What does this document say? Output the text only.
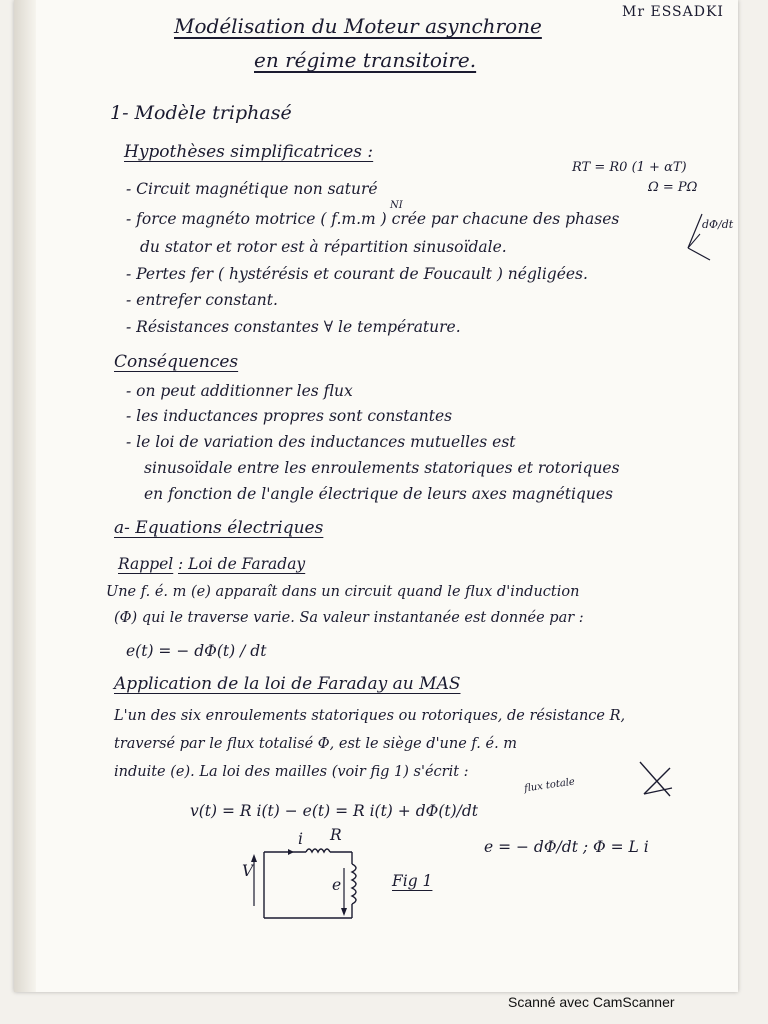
Mr ESSADKI
Modélisation du Moteur asynchrone
en régime transitoire.
1- Modèle triphasé
Hypothèses simplificatrices :
- Circuit magnétique non saturé
- force magnéto motrice ( f.m.m ) crée par chacune des phases
du stator et rotor est à répartition sinusoïdale.
- Pertes fer ( hystérésis et courant de Foucault ) négligées.
- entrefer constant.
- Résistances constantes ∀ le température.
RT = R0 (1 + αT)
Ω = PΩ
NI
dΦ/dt
Conséquences
- on peut additionner les flux
- les inductances propres sont constantes
- le loi de variation des inductances mutuelles est
sinusoïdale entre les enroulements statoriques et rotoriques
en fonction de l'angle électrique de leurs axes magnétiques
a- Equations électriques
Rappel : Loi de Faraday
Une f. é. m (e) apparaît dans un circuit quand le flux d'induction
(Φ) qui le traverse varie. Sa valeur instantanée est donnée par :
e(t) = − dΦ(t) / dt
Application de la loi de Faraday au MAS
L'un des six enroulements statoriques ou rotoriques, de résistance R,
traversé par le flux totalisé Φ, est le siège d'une f. é. m
induite (e). La loi des mailles (voir fig 1) s'écrit :
flux totale
v(t) = R i(t) − e(t) = R i(t) + dΦ(t)/dt
e = − dΦ/dt ; Φ = L i
V
i R
e	Fig 1
Scanné avec CamScanner
